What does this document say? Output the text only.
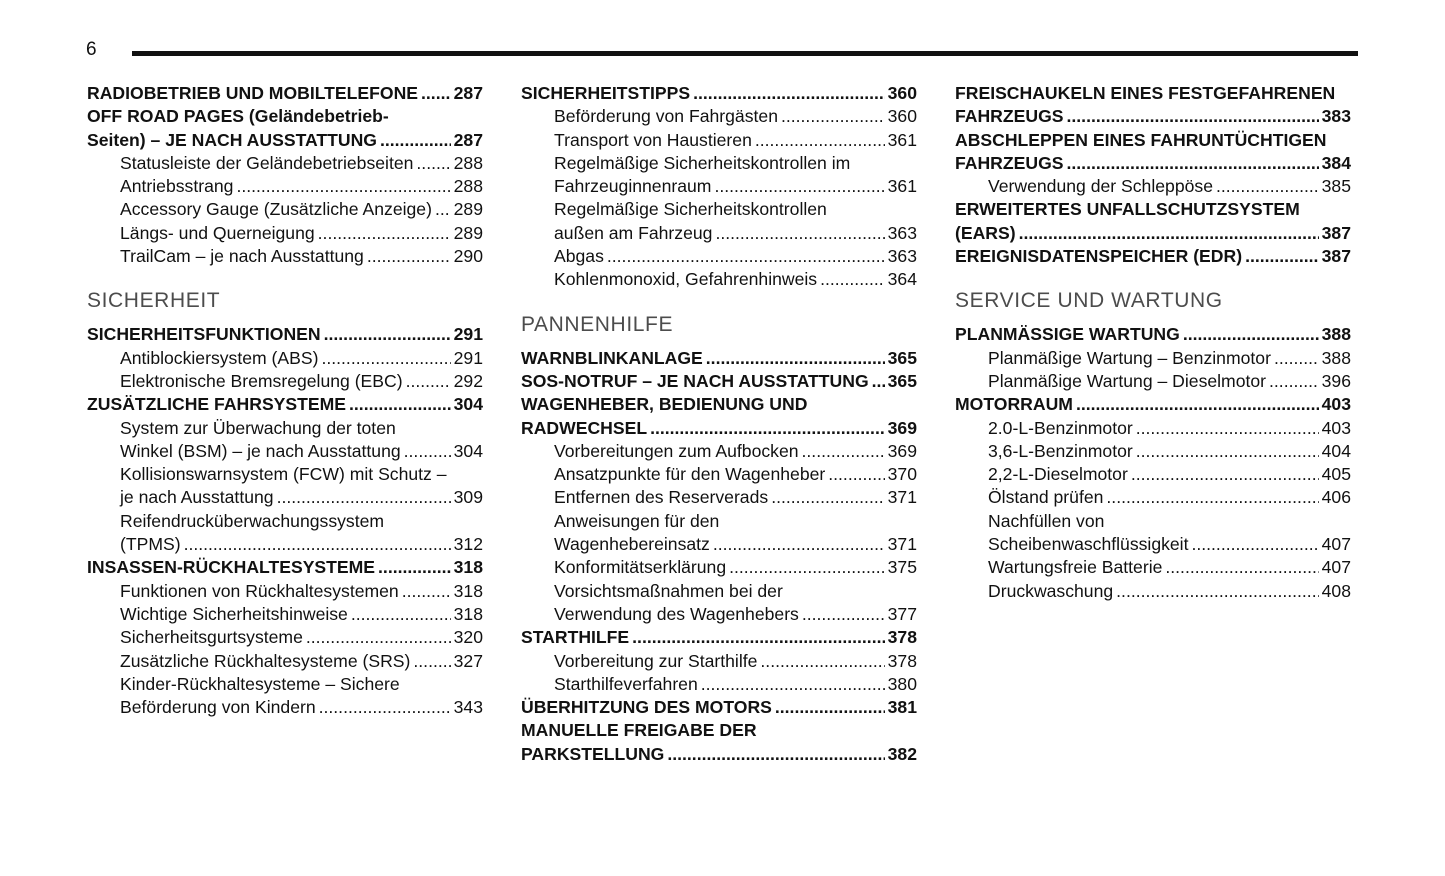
6
RADIOBETRIEB UND MOBILTELEFONE ..... 287
OFF ROAD PAGES (Geländebetrieb-
Seiten) – JE NACH AUSSTATTUNG .....	287
Statusleiste der Geländebetriebseiten ..... 288
Antriebsstrang .....	288
Accessory Gauge (Zusätzliche Anzeige) ..... 289
Längs- und Querneigung .....	289
TrailCam – je nach Ausstattung .....	290
SICHERHEIT
SICHERHEITSFUNKTIONEN .....	291
Antiblockiersystem (ABS) .....	291
Elektronische Bremsregelung (EBC) .....	292
ZUSÄTZLICHE FAHRSYSTEME .....	304
System zur Überwachung der toten
Winkel (BSM) – je nach Ausstattung .....	304
Kollisionswarnsystem (FCW) mit Schutz –
je nach Ausstattung .....	309
Reifendrucküberwachungssystem
(TPMS) .....	312
INSASSEN-RÜCKHALTESYSTEME .....	318
Funktionen von Rückhaltesystemen .....	318
Wichtige Sicherheitshinweise .....	318
Sicherheitsgurtsysteme .....	320
Zusätzliche Rückhaltesysteme (SRS) ..... 327
Kinder-Rückhaltesysteme – Sichere
Beförderung von Kindern .....	343
SICHERHEITSTIPPS .....	360
Beförderung von Fahrgästen .....	360
Transport von Haustieren .....	361
Regelmäßige Sicherheitskontrollen im
Fahrzeuginnenraum .....	361
Regelmäßige Sicherheitskontrollen
außen am Fahrzeug .....	363
Abgas .....	363
Kohlenmonoxid, Gefahrenhinweis .....	364
PANNENHILFE
WARNBLINKANLAGE .....	365
SOS-NOTRUF – JE NACH AUSSTATTUNG ..... 365
WAGENHEBER, BEDIENUNG UND
RADWECHSEL .....	369
Vorbereitungen zum Aufbocken .....	369
Ansatzpunkte für den Wagenheber .....	370
Entfernen des Reserverads .....	371
Anweisungen für den
Wagenhebereinsatz .....	371
Konformitätserklärung .....	375
Vorsichtsmaßnahmen bei der
Verwendung des Wagenhebers .....	377
STARTHILFE .....	378
Vorbereitung zur Starthilfe .....	378
Starthilfeverfahren .....	380
ÜBERHITZUNG DES MOTORS .....	381
MANUELLE FREIGABE DER
PARKSTELLUNG .....	382
FREISCHAUKELN EINES FESTGEFAHRENEN
FAHRZEUGS .....	383
ABSCHLEPPEN EINES FAHRUNTÜCHTIGEN
FAHRZEUGS .....	384
Verwendung der Schleppöse .....	385
ERWEITERTES UNFALLSCHUTZSYSTEM
(EARS) .....	387
EREIGNISDATENSPEICHER (EDR) .....	387
SERVICE UND WARTUNG
PLANMÄSSIGE WARTUNG .....	388
Planmäßige Wartung – Benzinmotor .....	388
Planmäßige Wartung – Dieselmotor .....	396
MOTORRAUM .....	403
2.0-L-Benzinmotor .....	403
3,6-L-Benzinmotor .....	404
2,2-L-Dieselmotor .....	405
Ölstand prüfen .....	406
Nachfüllen von
Scheibenwaschflüssigkeit .....	407
Wartungsfreie Batterie .....	407
Druckwaschung .....	408
